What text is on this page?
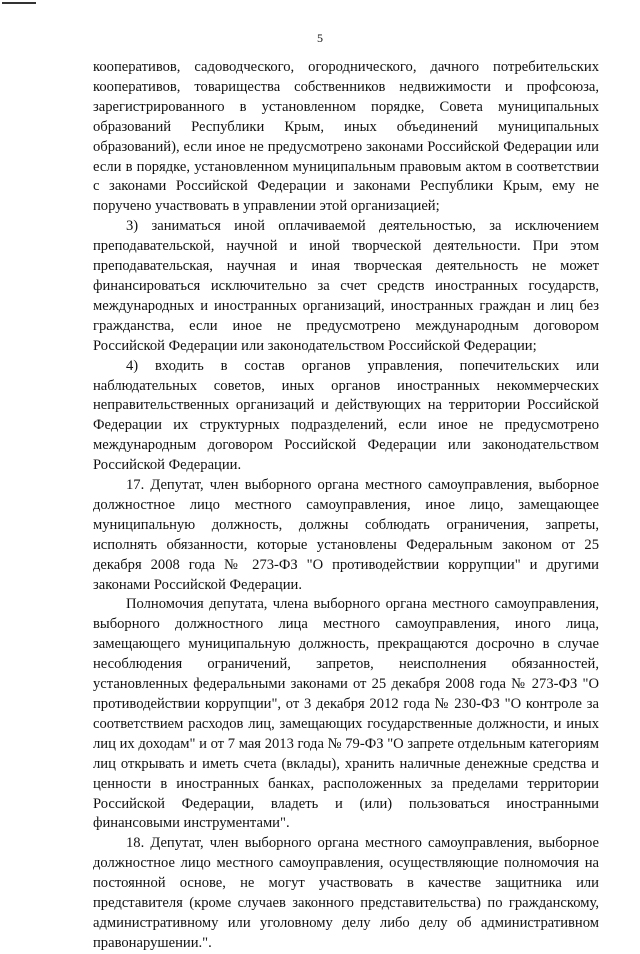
5

кооперативов, садоводческого, огороднического, дачного потребительских кооперативов, товарищества собственников недвижимости и профсоюза, зарегистрированного в установленном порядке, Совета муниципальных образований Республики Крым, иных объединений муниципальных образований), если иное не предусмотрено законами Российской Федерации или если в порядке, установленном муниципальным правовым актом в соответствии с законами Российской Федерации и законами Республики Крым, ему не поручено участвовать в управлении этой организацией;

3) заниматься иной оплачиваемой деятельностью, за исключением преподавательской, научной и иной творческой деятельности. При этом преподавательская, научная и иная творческая деятельность не может финансироваться исключительно за счет средств иностранных государств, международных и иностранных организаций, иностранных граждан и лиц без гражданства, если иное не предусмотрено международным договором Российской Федерации или законодательством Российской Федерации;

4) входить в состав органов управления, попечительских или наблюдательных советов, иных органов иностранных некоммерческих неправительственных организаций и действующих на территории Российской Федерации их структурных подразделений, если иное не предусмотрено международным договором Российской Федерации или законодательством Российской Федерации.

17. Депутат, член выборного органа местного самоуправления, выборное должностное лицо местного самоуправления, иное лицо, замещающее муниципальную должность, должны соблюдать ограничения, запреты, исполнять обязанности, которые установлены Федеральным законом от 25 декабря 2008 года № 273-ФЗ "О противодействии коррупции" и другими законами Российской Федерации.

Полномочия депутата, члена выборного органа местного самоуправления, выборного должностного лица местного самоуправления, иного лица, замещающего муниципальную должность, прекращаются досрочно в случае несоблюдения ограничений, запретов, неисполнения обязанностей, установленных федеральными законами от 25 декабря 2008 года № 273-ФЗ "О противодействии коррупции", от 3 декабря 2012 года № 230-ФЗ "О контроле за соответствием расходов лиц, замещающих государственные должности, и иных лиц их доходам" и от 7 мая 2013 года № 79-ФЗ "О запрете отдельным категориям лиц открывать и иметь счета (вклады), хранить наличные денежные средства и ценности в иностранных банках, расположенных за пределами территории Российской Федерации, владеть и (или) пользоваться иностранными финансовыми инструментами".

18. Депутат, член выборного органа местного самоуправления, выборное должностное лицо местного самоуправления, осуществляющие полномочия на постоянной основе, не могут участвовать в качестве защитника или представителя (кроме случаев законного представительства) по гражданскому, административному или уголовному делу либо делу об административном правонарушении.".
